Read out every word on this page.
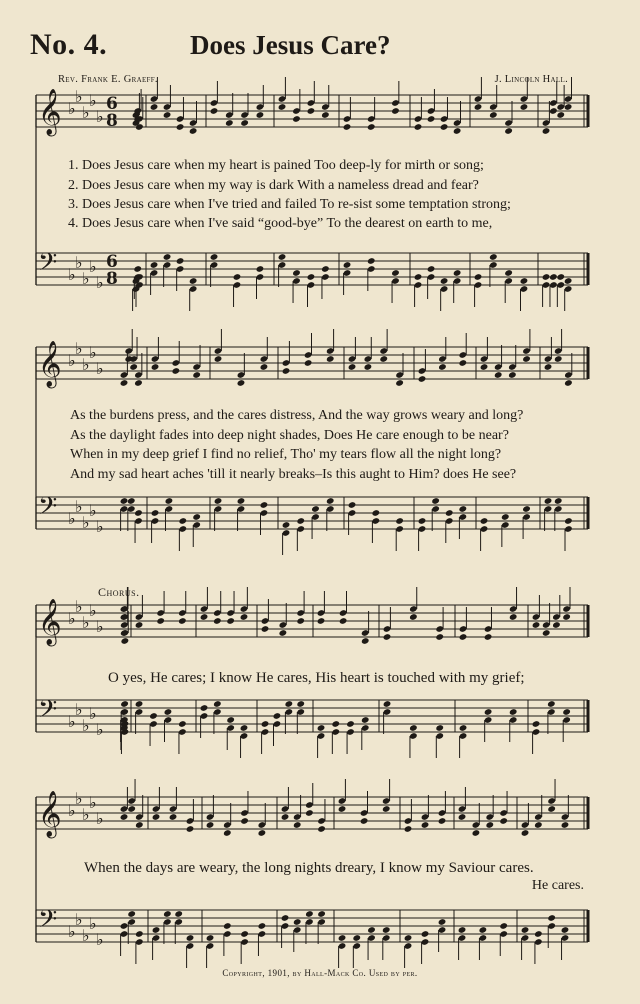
𝄞 ♭
♭
♭
♭
♭
6
8
𝄢 ♭
♭
♭
♭
♭
6
8
𝄞 ♭
♭
♭
♭
♭
𝄢 ♭
♭
♭
♭
♭
𝄞 ♭
♭
♭
♭
♭
𝄢 ♭
♭
♭
♭
♭
𝄞 ♭
♭
♭
♭
♭
𝄢 ♭
♭
♭
♭
♭
No. 4.	Does Jesus Care?
Rev. Frank E. Graeff.	J. Lincoln Hall.
1. Does Jesus care when my heart is pained Too deep-ly for mirth or song;
2. Does Jesus care when my way is dark With a nameless dread and fear?
3. Does Jesus care when I've tried and failed To re-sist some temptation strong;
4. Does Jesus care when I've said “good-bye” To the dearest on earth to me,
As the burdens press, and the cares distress, And the way grows weary and long?
As the daylight fades into deep night shades, Does He care enough to be near?
When in my deep grief I find no relief, Tho' my tears flow all the night long?
And my sad heart aches 'till it nearly breaks–Is this aught to Him? does He see?
Chorus.
O yes, He cares; I know He cares, His heart is touched with my grief;
When the days are weary, the long nights dreary, I know my Saviour cares.
He cares.
Copyright, 1901, by Hall-Mack Co. Used by per.
